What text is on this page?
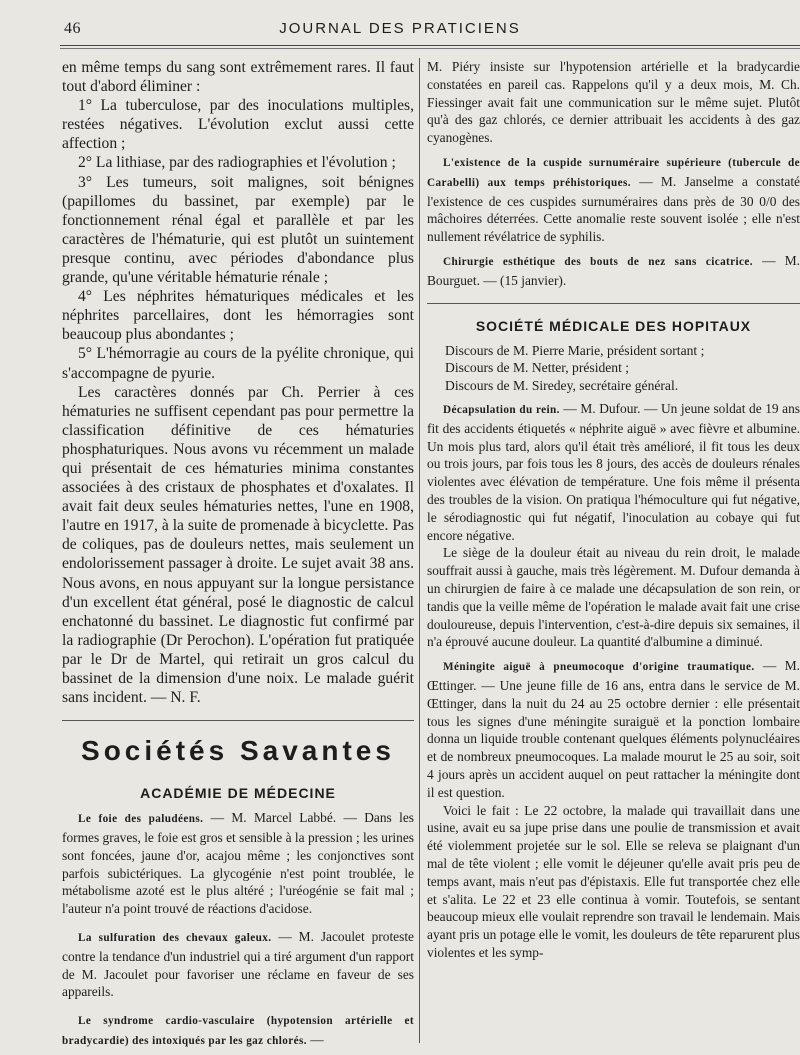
46	JOURNAL DES PRATICIENS

en même temps du sang sont extrêmement rares. Il faut tout d'abord éliminer :

1° La tuberculose, par des inoculations multiples, restées négatives. L'évolution exclut aussi cette affection ;

2° La lithiase, par des radiographies et l'évolution ;

3° Les tumeurs, soit malignes, soit bénignes (papillomes du bassinet, par exemple) par le fonctionnement rénal égal et parallèle et par les caractères de l'hématurie, qui est plutôt un suintement presque continu, avec périodes d'abondance plus grande, qu'une véritable hématurie rénale ;

4° Les néphrites hématuriques médicales et les néphrites parcellaires, dont les hémorragies sont beaucoup plus abondantes ;

5° L'hémorragie au cours de la pyélite chronique, qui s'accompagne de pyurie.

Les caractères donnés par Ch. Perrier à ces hématuries ne suffisent cependant pas pour permettre la classification définitive de ces hématuries phosphaturiques. Nous avons vu récemment un malade qui présentait de ces hématuries minima constantes associées à des cristaux de phosphates et d'oxalates. Il avait fait deux seules hématuries nettes, l'une en 1908, l'autre en 1917, à la suite de promenade à bicyclette. Pas de coliques, pas de douleurs nettes, mais seulement un endolorissement passager à droite. Le sujet avait 38 ans. Nous avons, en nous appuyant sur la longue persistance d'un excellent état général, posé le diagnostic de calcul enchatonné du bassinet. Le diagnostic fut confirmé par la radiographie (Dr Perochon). L'opération fut pratiquée par le Dr de Martel, qui retirait un gros calcul du bassinet de la dimension d'une noix. Le malade guérit sans incident. — N. F.

Sociétés Savantes
ACADÉMIE DE MÉDECINE

Le foie des paludéens. — M. Marcel Labbé. — Dans les formes graves, le foie est gros et sensible à la pression ; les urines sont foncées, jaune d'or, acajou même ; les conjonctives sont parfois subictériques. La glycogénie n'est point troublée, le métabolisme azoté est le plus altéré ; l'uréogénie se fait mal ; l'auteur n'a point trouvé de réactions d'acidose.

La sulfuration des chevaux galeux. — M. Jacoulet proteste contre la tendance d'un industriel qui a tiré argument d'un rapport de M. Jacoulet pour favoriser une réclame en faveur de ses appareils.

Le syndrome cardio-vasculaire (hypotension artérielle et bradycardie) des intoxiqués par les gaz chlorés. —

M. Piéry insiste sur l'hypotension artérielle et la bradycardie constatées en pareil cas. Rappelons qu'il y a deux mois, M. Ch. Fiessinger avait fait une communication sur le même sujet. Plutôt qu'à des gaz chlorés, ce dernier attribuait les accidents à des gaz cyanogènes.

L'existence de la cuspide surnuméraire supérieure (tubercule de Carabelli) aux temps préhistoriques. — M. Janselme a constaté l'existence de ces cuspides surnuméraires dans près de 30 0/0 des mâchoires déterrées. Cette anomalie reste souvent isolée ; elle n'est nullement révélatrice de syphilis.

Chirurgie esthétique des bouts de nez sans cicatrice. — M. Bourguet. — (15 janvier).

SOCIÉTÉ MÉDICALE DES HOPITAUX

Discours de M. Pierre Marie, président sortant ;

Discours de M. Netter, président ;

Discours de M. Siredey, secrétaire général.

Décapsulation du rein. — M. Dufour. — Un jeune soldat de 19 ans fit des accidents étiquetés « néphrite aiguë » avec fièvre et albumine. Un mois plus tard, alors qu'il était très amélioré, il fit tous les deux ou trois jours, par fois tous les 8 jours, des accès de douleurs rénales violentes avec élévation de température. Une fois même il présenta des troubles de la vision. On pratiqua l'hémoculture qui fut négative, le sérodiagnostic qui fut négatif, l'inoculation au cobaye qui fut encore négative.

Le siège de la douleur était au niveau du rein droit, le malade souffrait aussi à gauche, mais très légèrement. M. Dufour demanda à un chirurgien de faire à ce malade une décapsulation de son rein, or tandis que la veille même de l'opération le malade avait fait une crise douloureuse, depuis l'intervention, c'est-à-dire depuis six semaines, il n'a éprouvé aucune douleur. La quantité d'albumine a diminué.

Méningite aiguë à pneumocoque d'origine traumatique. — M. Œttinger. — Une jeune fille de 16 ans, entra dans le service de M. Œttinger, dans la nuit du 24 au 25 octobre dernier : elle présentait tous les signes d'une méningite suraiguë et la ponction lombaire donna un liquide trouble contenant quelques éléments polynucléaires et de nombreux pneumocoques. La malade mourut le 25 au soir, soit 4 jours après un accident auquel on peut rattacher la méningite dont il est question.

Voici le fait : Le 22 octobre, la malade qui travaillait dans une usine, avait eu sa jupe prise dans une poulie de transmission et avait été violemment projetée sur le sol. Elle se releva se plaignant d'un mal de tête violent ; elle vomit le déjeuner qu'elle avait pris peu de temps avant, mais n'eut pas d'épistaxis. Elle fut transportée chez elle et s'alita. Le 22 et 23 elle continua à vomir. Toutefois, se sentant beaucoup mieux elle voulait reprendre son travail le lendemain. Mais ayant pris un potage elle le vomit, les douleurs de tête reparurent plus violentes et les symp-
